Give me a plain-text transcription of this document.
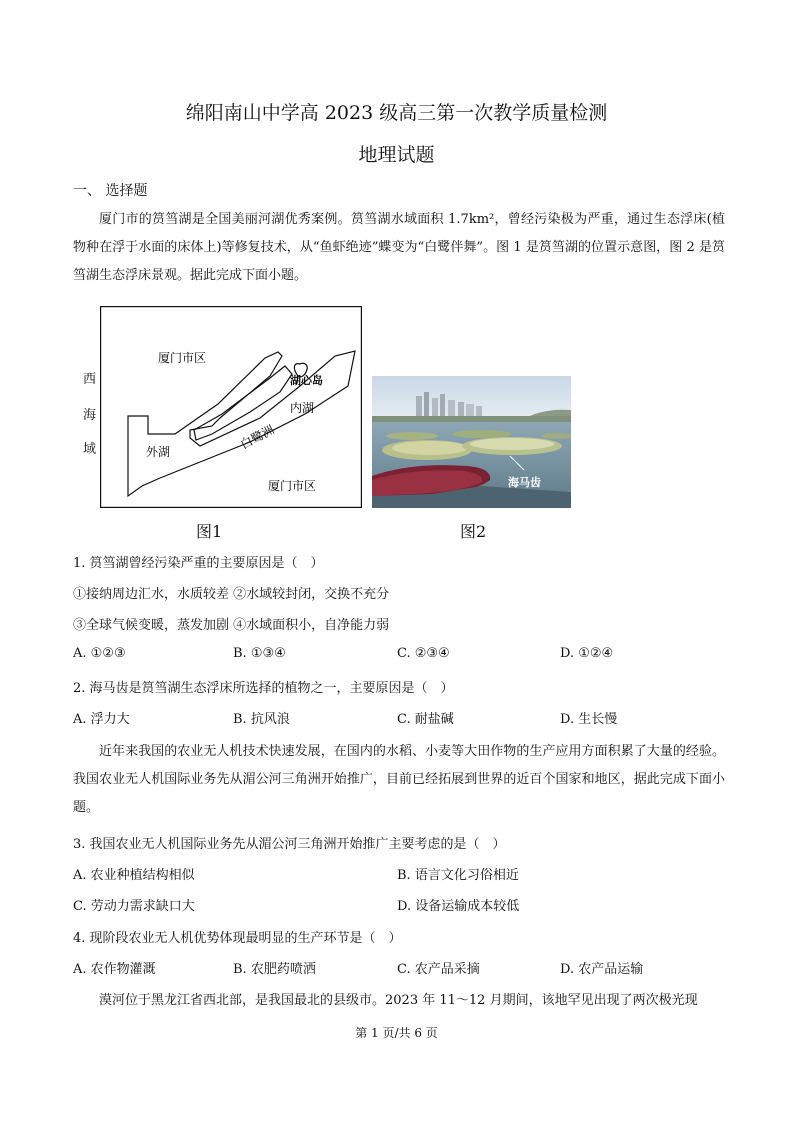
绵阳南山中学高 2023 级高三第一次教学质量检测
地理试题
一、 选择题
厦门市的筼筜湖是全国美丽河湖优秀案例。筼筜湖水域面积 1.7km²，曾经污染极为严重，通过生态浮床(植物种在浮于水面的床体上)等修复技术，从“鱼虾绝迹”蝶变为“白鹭伴舞”。图 1 是筼筜湖的位置示意图，图 2 是筼筜湖生态浮床景观。据此完成下面小题。
西
海
域
厦门市区
湖心岛
内湖
白鹭洲
外湖
厦门市区	海马齿
图1	图2
1. 筼筜湖曾经污染严重的主要原因是（　）
①接纳周边汇水，水质较差 ②水域较封闭，交换不充分
③全球气候变暖，蒸发加剧 ④水域面积小，自净能力弱
A. ①②③	B. ①③④	C. ②③④	D. ①②④
2. 海马齿是筼筜湖生态浮床所选择的植物之一，主要原因是（　）
A. 浮力大	B. 抗风浪	C. 耐盐碱	D. 生长慢
近年来我国的农业无人机技术快速发展，在国内的水稻、小麦等大田作物的生产应用方面积累了大量的经验。我国农业无人机国际业务先从湄公河三角洲开始推广，目前已经拓展到世界的近百个国家和地区，据此完成下面小题。
3. 我国农业无人机国际业务先从湄公河三角洲开始推广主要考虑的是（　）
A. 农业种植结构相似	B. 语言文化习俗相近
C. 劳动力需求缺口大	D. 设备运输成本较低
4. 现阶段农业无人机优势体现最明显的生产环节是（　）
A. 农作物灌溉	B. 农肥药喷洒	C. 农产品采摘	D. 农产品运输
漠河位于黑龙江省西北部，是我国最北的县级市。2023 年 11～12 月期间，该地罕见出现了两次极光现
第 1 页/共 6 页
